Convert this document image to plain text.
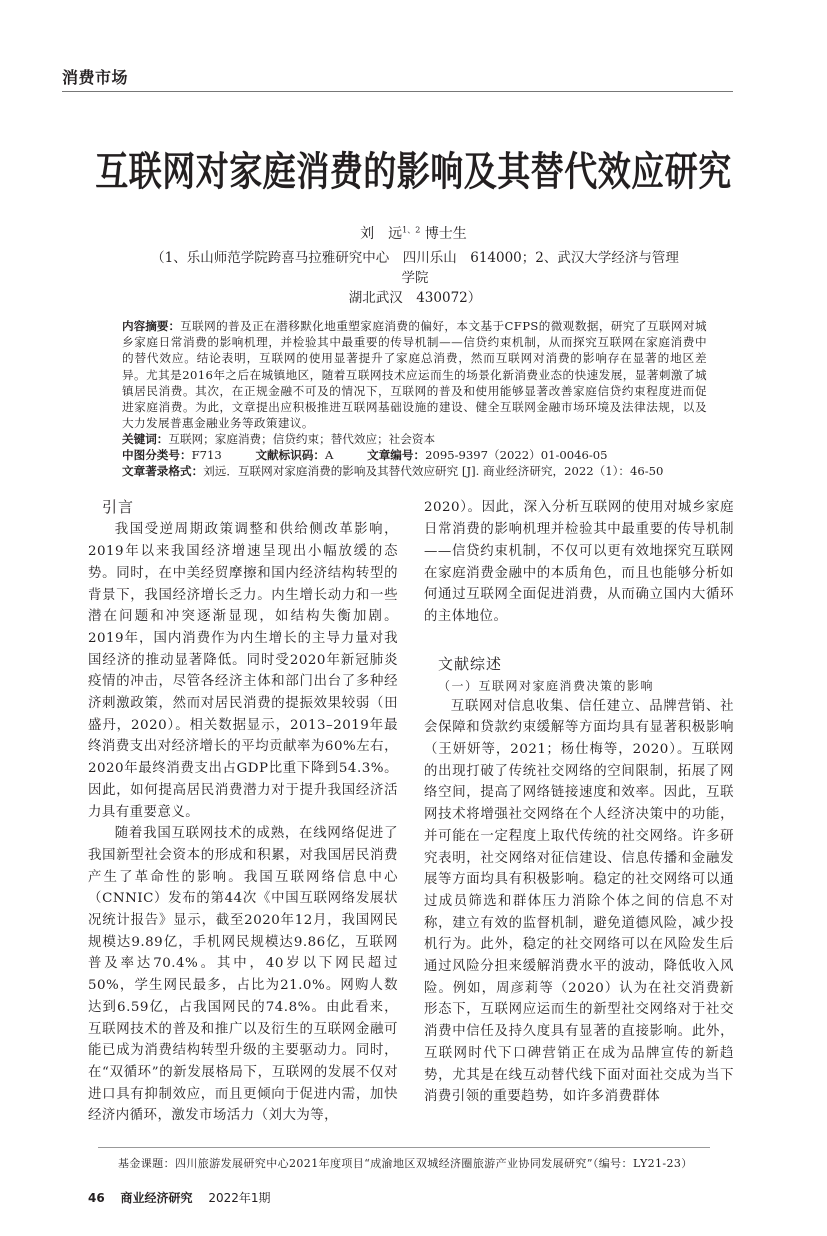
消费市场
互联网对家庭消费的影响及其替代效应研究
刘　远$^{1、2}$ 博士生
（1、乐山师范学院跨喜马拉雅研究中心　四川乐山　614000；2、武汉大学经济与管理学院
湖北武汉　430072）
内容摘要：互联网的普及正在潜移默化地重塑家庭消费的偏好，本文基于CFPS的微观数据，研究了互联网对城乡家庭日常消费的影响机理，并检验其中最重要的传导机制——信贷约束机制，从而探究互联网在家庭消费中的替代效应。结论表明，互联网的使用显著提升了家庭总消费，然而互联网对消费的影响存在显著的地区差异。尤其是2016年之后在城镇地区，随着互联网技术应运而生的场景化新消费业态的快速发展，显著刺激了城镇居民消费。其次，在正规金融不可及的情况下，互联网的普及和使用能够显著改善家庭信贷约束程度进而促进家庭消费。为此，文章提出应积极推进互联网基础设施的建设、健全互联网金融市场环境及法律法规，以及大力发展普惠金融业务等政策建议。
关键词：互联网；家庭消费；信贷约束；替代效应；社会资本
中图分类号：F713	文献标识码：A	文章编号：2095-9397（2022）01-0046-05
文章著录格式：刘远．互联网对家庭消费的影响及其替代效应研究 [J]. 商业经济研究，2022（1）：46-50
引言

我国受逆周期政策调整和供给侧改革影响，2019年以来我国经济增速呈现出小幅放缓的态势。同时，在中美经贸摩擦和国内经济结构转型的背景下，我国经济增长乏力。内生增长动力和一些潜在问题和冲突逐渐显现，如结构失衡加剧。2019年，国内消费作为内生增长的主导力量对我国经济的推动显著降低。同时受2020年新冠肺炎疫情的冲击，尽管各经济主体和部门出台了多种经济刺激政策，然而对居民消费的提振效果较弱（田盛丹，2020）。相关数据显示，2013–2019年最终消费支出对经济增长的平均贡献率为60%左右，2020年最终消费支出占GDP比重下降到54.3%。因此，如何提高居民消费潜力对于提升我国经济活力具有重要意义。

随着我国互联网技术的成熟，在线网络促进了我国新型社会资本的形成和积累，对我国居民消费产生了革命性的影响。我国互联网络信息中心（CNNIC）发布的第44次《中国互联网络发展状况统计报告》显示，截至2020年12月，我国网民规模达9.89亿，手机网民规模达9.86亿，互联网普及率达70.4%。其中，40岁以下网民超过50%，学生网民最多，占比为21.0%。网购人数达到6.59亿，占我国网民的74.8%。由此看来，互联网技术的普及和推广以及衍生的互联网金融可能已成为消费结构转型升级的主要驱动力。同时，在“双循环”的新发展格局下，互联网的发展不仅对进口具有抑制效应，而且更倾向于促进内需，加快经济内循环，激发市场活力（刘大为等，

2020）。因此，深入分析互联网的使用对城乡家庭日常消费的影响机理并检验其中最重要的传导机制——信贷约束机制，不仅可以更有效地探究互联网在家庭消费金融中的本质角色，而且也能够分析如何通过互联网全面促进消费，从而确立国内大循环的主体地位。

文献综述
（一）互联网对家庭消费决策的影响

互联网对信息收集、信任建立、品牌营销、社会保障和贷款约束缓解等方面均具有显著积极影响（王妍妍等，2021；杨仕梅等，2020）。互联网的出现打破了传统社交网络的空间限制，拓展了网络空间，提高了网络链接速度和效率。因此，互联网技术将增强社交网络在个人经济决策中的功能，并可能在一定程度上取代传统的社交网络。许多研究表明，社交网络对征信建设、信息传播和金融发展等方面均具有积极影响。稳定的社交网络可以通过成员筛选和群体压力消除个体之间的信息不对称，建立有效的监督机制，避免道德风险，减少投机行为。此外，稳定的社交网络可以在风险发生后通过风险分担来缓解消费水平的波动，降低收入风险。例如，周彦莉等（2020）认为在社交消费新形态下，互联网应运而生的新型社交网络对于社交消费中信任及持久度具有显著的直接影响。此外，互联网时代下口碑营销正在成为品牌宣传的新趋势，尤其是在线互动替代线下面对面社交成为当下消费引领的重要趋势，如许多消费群体

基金课题：四川旅游发展研究中心2021年度项目“成渝地区双城经济圈旅游产业协同发展研究”（编号：LY21-23）
46 商业经济研究 2022年1期
